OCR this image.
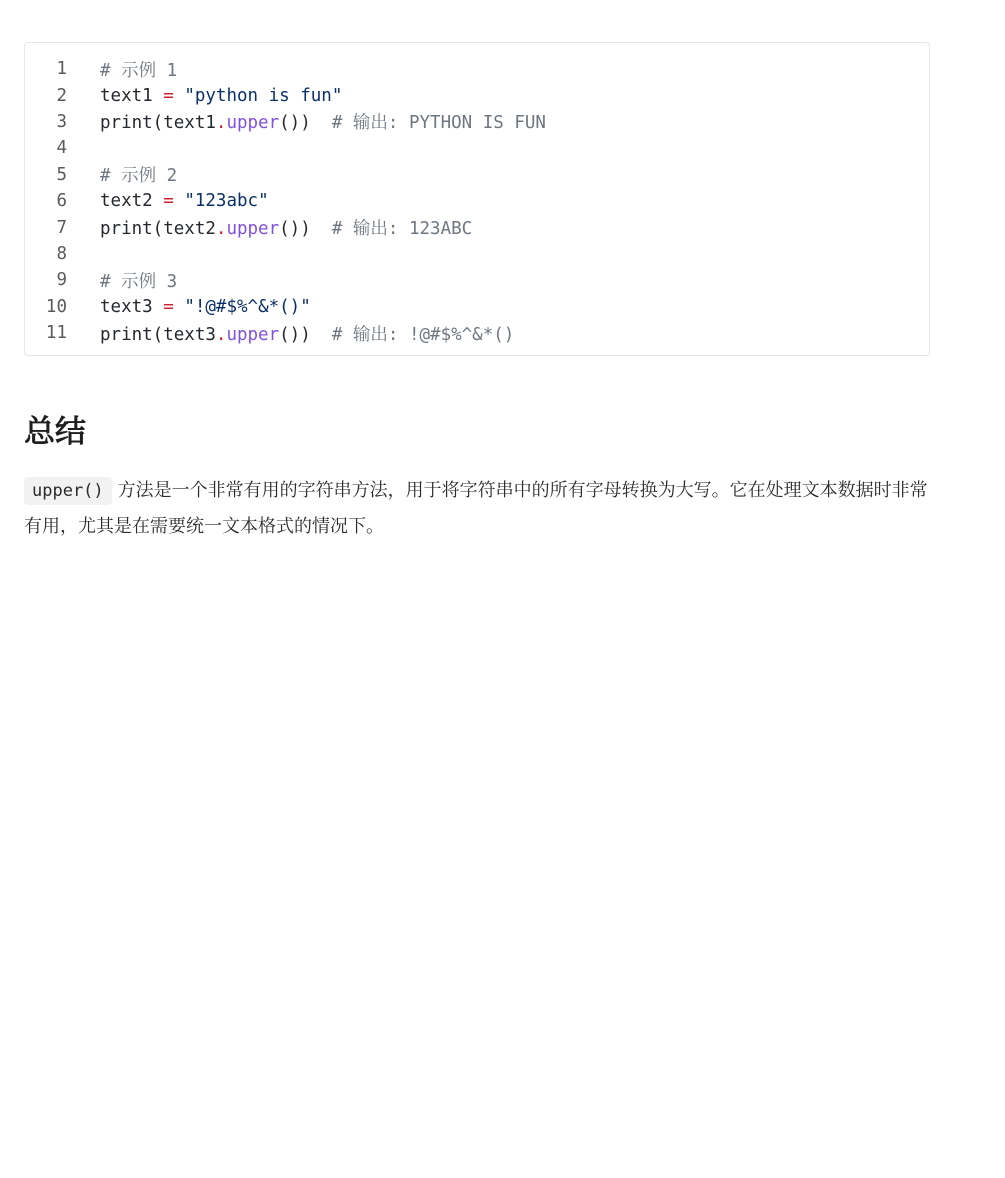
1 # 示例 1
2 text1 = "python is fun"
3 print(text1.upper())  # 输出: PYTHON IS FUN
4
5 # 示例 2
6 text2 = "123abc"
7 print(text2.upper())  # 输出: 123ABC
8
9 # 示例 3
10 text3 = "!@#$%^&*()"
11 print(text3.upper())  # 输出: !@#$%^&*()
总结

upper() 方法是一个非常有用的字符串方法，用于将字符串中的所有字母转换为大写。它在处理文本数据时非常有用，尤其是在需要统一文本格式的情况下。
